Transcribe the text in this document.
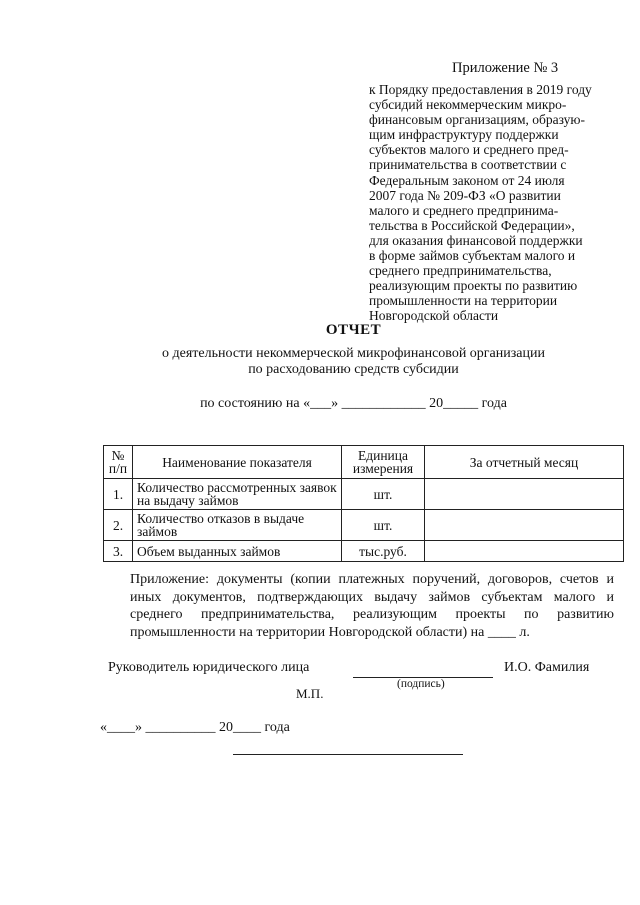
Приложение № 3
к Порядку предоставления в 2019 году
субсидий некоммерческим микро-
финансовым организациям, образую-
щим инфраструктуру поддержки
субъектов малого и среднего пред-
принимательства в соответствии с
Федеральным законом от 24 июля
2007 года № 209-ФЗ «О развитии
малого и среднего предпринима-
тельства в Российской Федерации»,
для оказания финансовой поддержки
в форме займов субъектам малого и
среднего предпринимательства,
реализующим проекты по развитию
промышленности на территории
Новгородской области
ОТЧЕТ
о деятельности некоммерческой микрофинансовой организации
по расходованию средств субсидии
по состоянию на «___» ____________ 20_____ года
№ п/п	Наименование показателя	Единица измерения	За отчетный месяц
1.	Количество рассмотренных заявок на выдачу займов	шт.	
2.	Количество отказов в выдаче займов	шт.	
3.	Объем выданных займов	тыс.руб.	
Приложение: документы (копии платежных поручений, договоров, счетов и иных документов, подтверждающих выдачу займов субъектам малого и среднего предпринимательства, реализующим проекты по развитию промышленности на территории Новгородской области) на ____ л.
Руководитель юридического лица	И.О. Фамилия
(подпись)
М.П.
«____» __________ 20____ года
